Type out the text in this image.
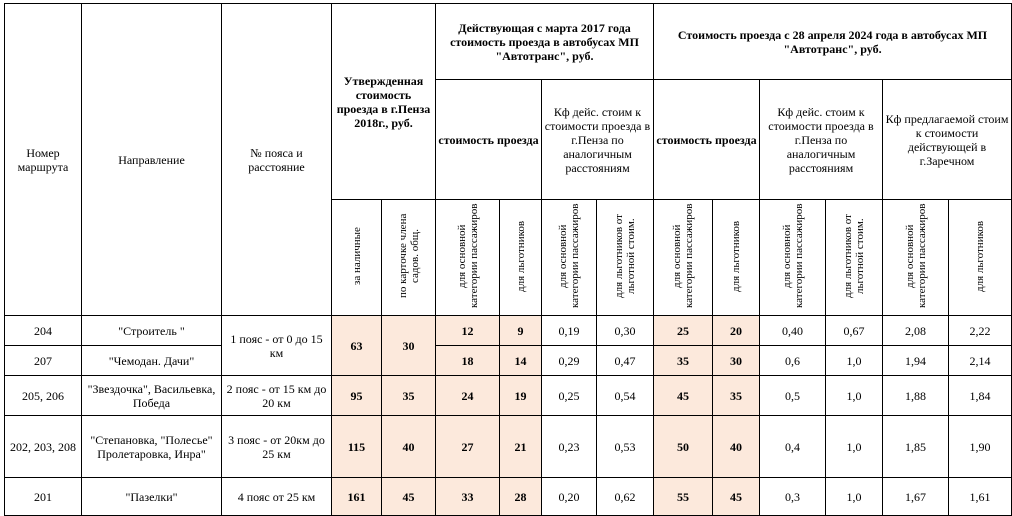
Номер маршрута	Направление	№ пояса и расстояние	Утвержденная стоимость проезда в г.Пенза 2018г., руб.		Действующая с марта 2017 года стоимость проезда в автобусах МП "Автотранс", руб.				Стоимость проезда с 28 апреля 2024 года в автобусах МП "Автотранс", руб.					
					стоимость проезда		Кф дейс. стоим к стоимости проезда в г.Пенза по аналогичным расстояниям		стоимость проезда		Кф дейс. стоим к стоимости проезда в г.Пенза по аналогичным расстояниям		Кф предлагаемой стоим к стоимости действующей в г.Заречном	
			за наличные	по карточке члена садов. общ.	для основной категории пассажиров	для льготников	для основной категории пассажиров	для льготников от льготной стоим.	для основной категории пассажиров	для льготников	для основной категории пассажиров	для льготников от льготной стоим.	для основной категории пассажиров	для льготников
204	"Строитель "	1 пояс - от 0 до 15 км	63	30	12	9	0,19	0,30	25	20	0,40	0,67	2,08	2,22
207	"Чемодан. Дачи"				18	14	0,29	0,47	35	30	0,6	1,0	1,94	2,14
205, 206	"Звездочка", Васильевка, Победа	2 пояс - от 15 км до 20 км	95	35	24	19	0,25	0,54	45	35	0,5	1,0	1,88	1,84
202, 203, 208	"Степановка, "Полесье" Пролетаровка, Инра"	3 пояс - от 20км до 25 км	115	40	27	21	0,23	0,53	50	40	0,4	1,0	1,85	1,90
201	"Пазелки"	4 пояс от 25 км	161	45	33	28	0,20	0,62	55	45	0,3	1,0	1,67	1,61
